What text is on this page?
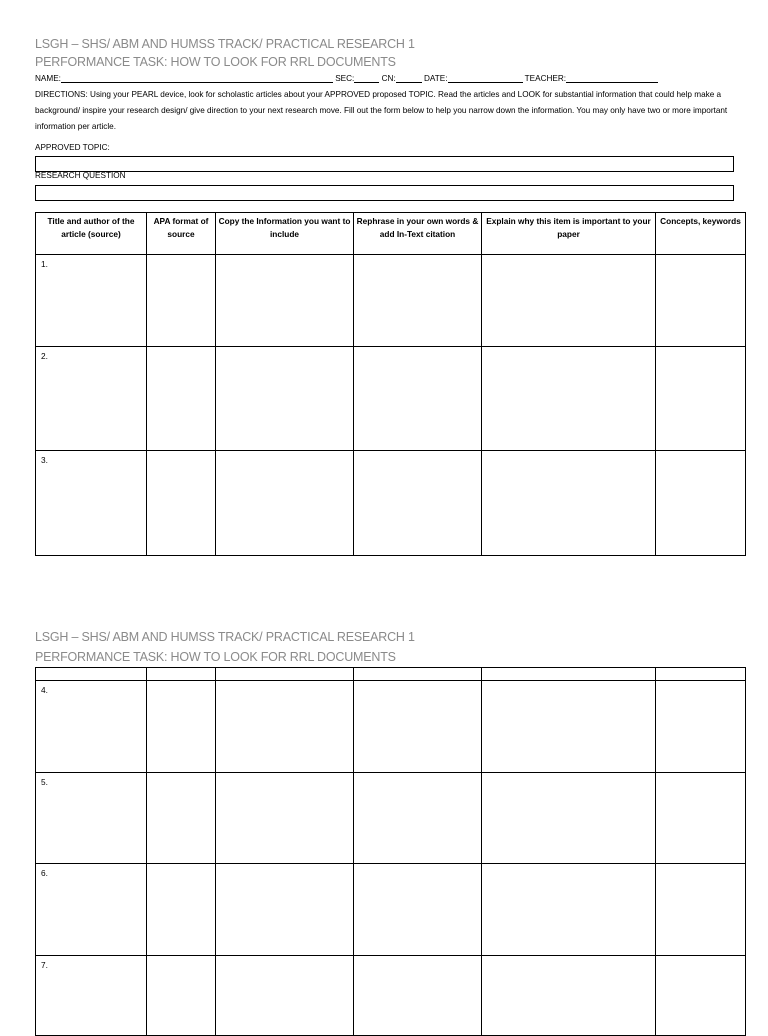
LSGH – SHS/ ABM AND HUMSS TRACK/ PRACTICAL RESEARCH 1
PERFORMANCE TASK: HOW TO LOOK FOR RRL DOCUMENTS
NAME:	SEC:	CN:	DATE:	TEACHER:
DIRECTIONS: Using your PEARL device, look for scholastic articles about your APPROVED proposed TOPIC. Read the articles and LOOK for substantial information that could help make a background/ inspire your research design/ give direction to your next research move. Fill out the form below to help you narrow down the information. You may only have two or more important information per article.
APPROVED TOPIC:
RESEARCH QUESTION
Title and author of the article (source)	APA format of source	Copy the Information you want to include	Rephrase in your own words & add In-Text citation	Explain why this item is important to your paper	Concepts, keywords

1.					

2.					

3.					

LSGH – SHS/ ABM AND HUMSS TRACK/ PRACTICAL RESEARCH 1
PERFORMANCE TASK: HOW TO LOOK FOR RRL DOCUMENTS

4.					

5.					

6.					

7.					
